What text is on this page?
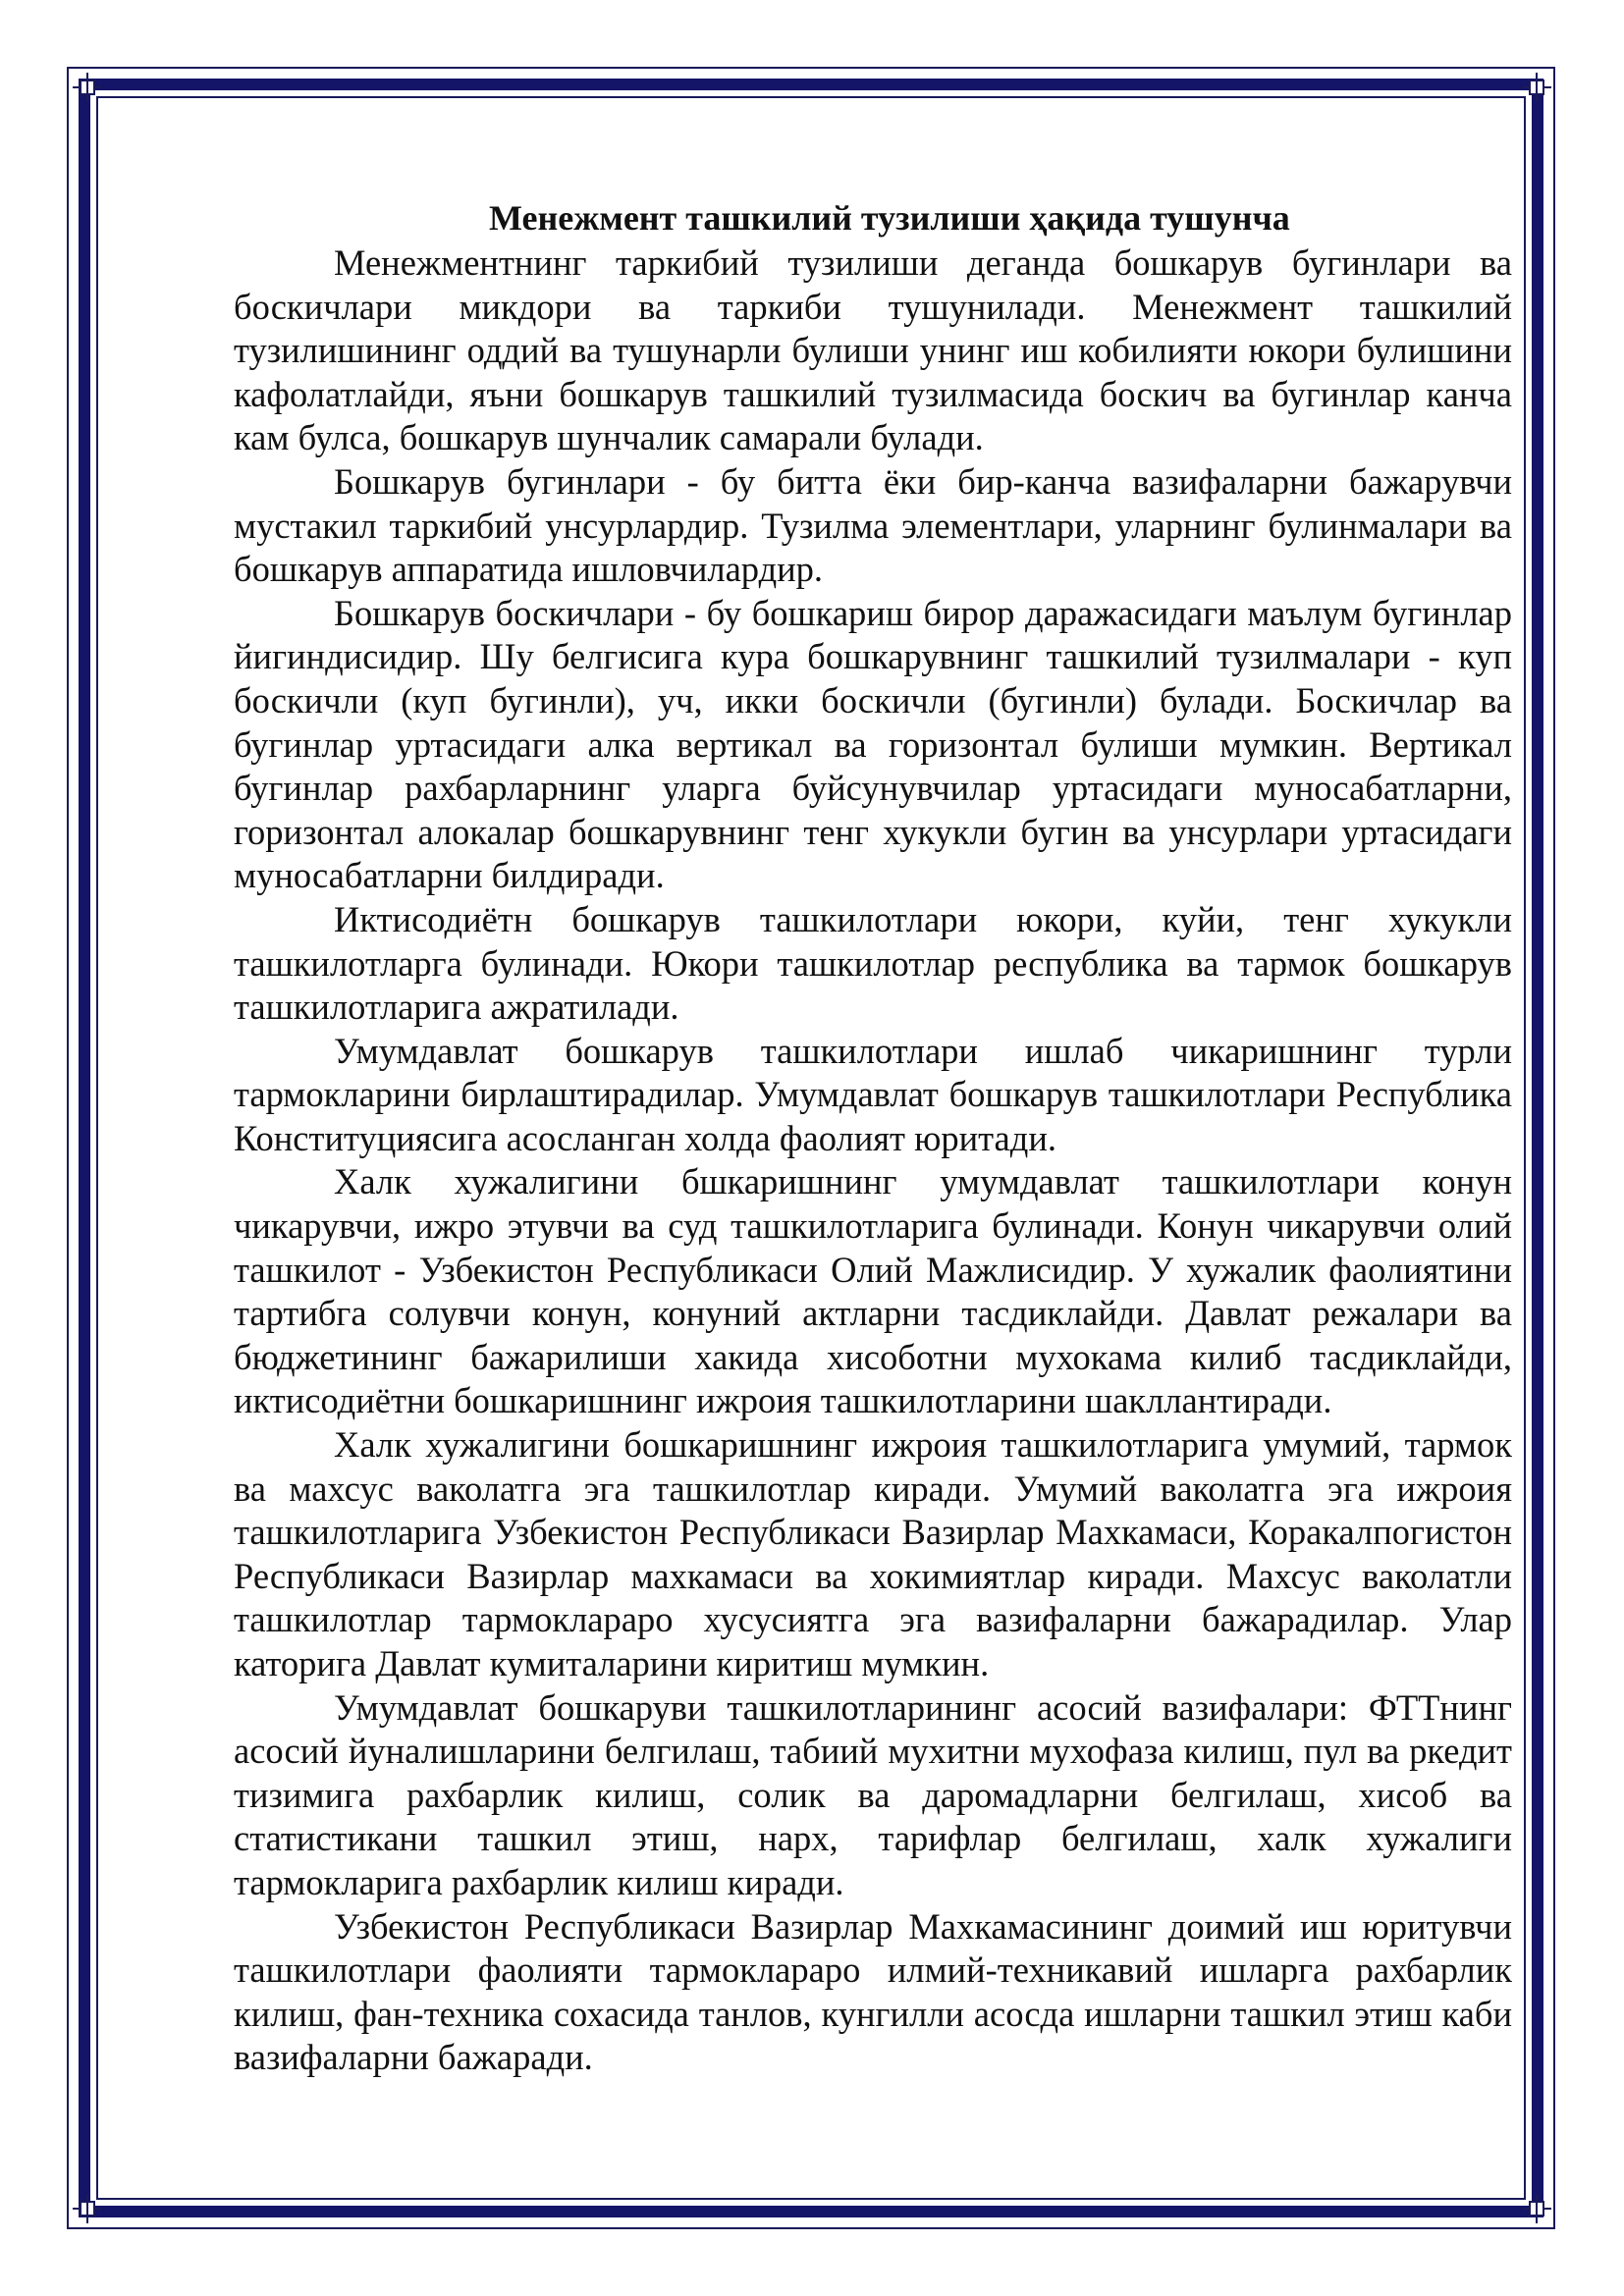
Менежмент ташкилий тузилиши ҳақида тушунча

Менежментнинг таркибий тузилиши деганда бошкарув бугинлари ва боскичлари микдори ва таркиби тушунилади. Менежмент ташкилий тузилишининг оддий ва тушунарли булиши унинг иш кобилияти юкори булишини кафолатлайди, яъни бошкарув ташкилий тузилмасида боскич ва бугинлар канча кам булса, бошкарув шунчалик самарали булади.

Бошкарув бугинлари - бу битта ёки бир-канча вазифаларни бажарувчи мустакил таркибий унсурлардир. Тузилма элементлари, уларнинг булинмалари ва бошкарув аппаратида ишловчилардир.

Бошкарув боскичлари - бу бошкариш бирор даражасидаги маълум бугинлар йигиндисидир. Шу белгисига кура бошкарувнинг ташкилий тузилмалари - куп боскичли (куп бугинли), уч, икки боскичли (бугинли) булади. Боскичлар ва бугинлар уртасидаги алка вертикал ва горизонтал булиши мумкин. Вертикал бугинлар рахбарларнинг уларга буйсунувчилар уртасидаги муносабатларни, горизонтал алокалар бошкарувнинг тенг хукукли бугин ва унсурлари уртасидаги муносабатларни билдиради.

Иктисодиётн бошкарув ташкилотлари юкори, куйи, тенг хукукли ташкилотларга булинади. Юкори ташкилотлар республика ва тармок бошкарув ташкилотларига ажратилади.

Умумдавлат бошкарув ташкилотлари ишлаб чикаришнинг турли тармокларини бирлаштирадилар. Умумдавлат бошкарув ташкилотлари Республика Конституциясига асосланган холда фаолият юритади.

Халк хужалигини бшкаришнинг умумдавлат ташкилотлари конун чикарувчи, ижро этувчи ва суд ташкилотларига булинади. Конун чикарувчи олий ташкилот - Узбекистон Республикаси Олий Мажлисидир. У хужалик фаолиятини тартибга солувчи конун, конуний актларни тасдиклайди. Давлат режалари ва бюджетининг бажарилиши хакида хисоботни мухокама килиб тасдиклайди, иктисодиётни бошкаришнинг ижроия ташкилотларини шакллантиради.

Халк хужалигини бошкаришнинг ижроия ташкилотларига умумий, тармок ва махсус ваколатга эга ташкилотлар киради. Умумий ваколатга эга ижроия ташкилотларига Узбекистон Республикаси Вазирлар Махкамаси, Коракалпогистон Республикаси Вазирлар махкамаси ва хокимиятлар киради. Махсус ваколатли ташкилотлар тармоклараро хусусиятга эга вазифаларни бажарадилар. Улар каторига Давлат кумиталарини киритиш мумкин.

Умумдавлат бошкаруви ташкилотларининг асосий вазифалари: ФТТнинг асосий йуналишларини белгилаш, табиий мухитни мухофаза килиш, пул ва ркедит тизимига рахбарлик килиш, солик ва даромадларни белгилаш, хисоб ва статистикани ташкил этиш, нарх, тарифлар белгилаш, халк хужалиги тармокларига рахбарлик килиш киради.

Узбекистон Республикаси Вазирлар Махкамасининг доимий иш юритувчи ташкилотлари фаолияти тармоклараро илмий-техникавий ишларга рахбарлик килиш, фан-техника сохасида танлов, кунгилли асосда ишларни ташкил этиш каби вазифаларни бажаради.
